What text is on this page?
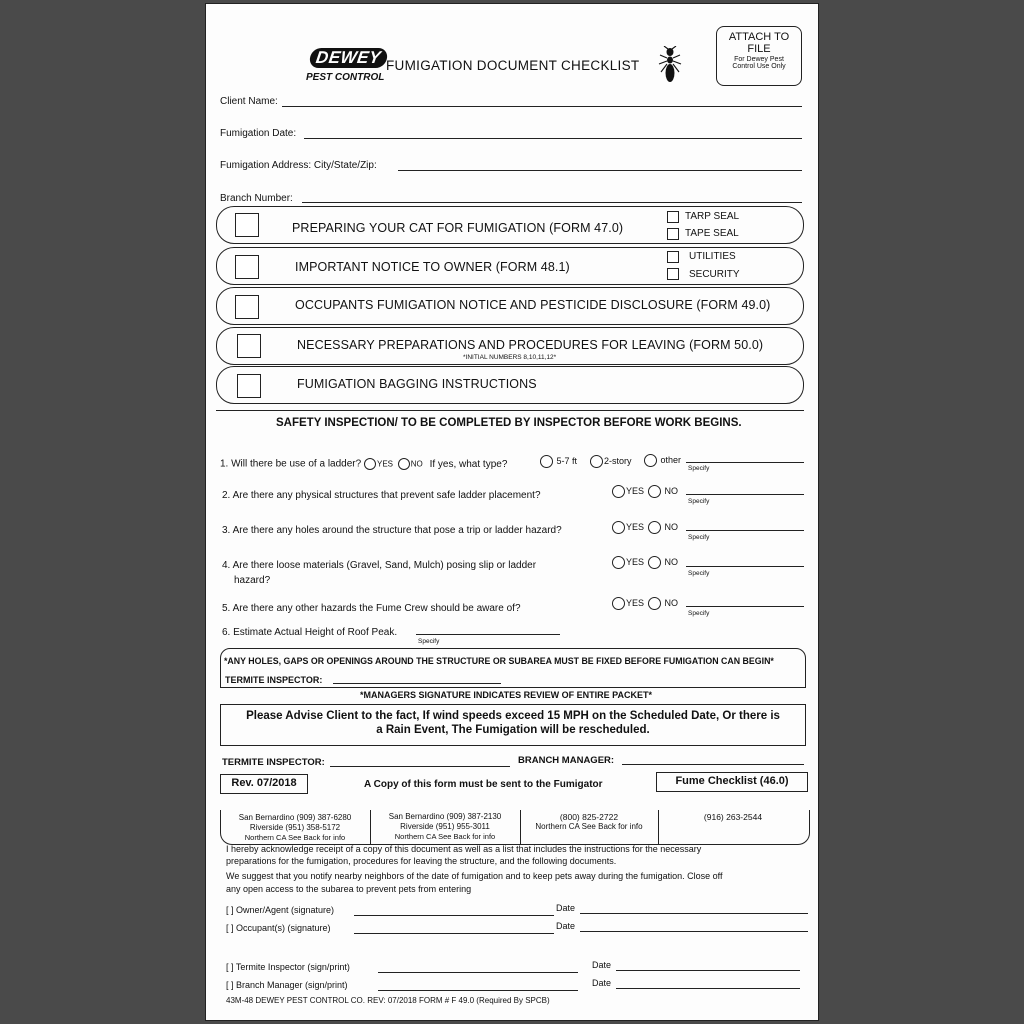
DEWEY
PEST CONTROL
FUMIGATION DOCUMENT CHECKLIST
ATTACH TO
FILE
For Dewey Pest
Control Use Only
Client Name:
Fumigation Date:
Fumigation Address: City/State/Zip:
Branch Number:
PREPARING YOUR CAT FOR FUMIGATION (FORM 47.0)
TARP SEAL
TAPE SEAL
IMPORTANT NOTICE TO OWNER (FORM 48.1)
UTILITIES
SECURITY
OCCUPANTS FUMIGATION NOTICE AND PESTICIDE DISCLOSURE (FORM 49.0)
NECESSARY PREPARATIONS AND PROCEDURES FOR LEAVING (FORM 50.0)
*INITIAL NUMBERS 8,10,11,12*
FUMIGATION BAGGING INSTRUCTIONS
SAFETY INSPECTION/ TO BE COMPLETED BY INSPECTOR BEFORE WORK BEGINS.
1. Will there be use of a ladder? YES NO If yes, what type?	5-7 ft	2-story	other
Specify
2. Are there any physical structures that prevent safe ladder placement?	YES	NO
Specify
3. Are there any holes around the structure that pose a trip or ladder hazard?	YES	NO
Specify
4. Are there loose materials (Gravel, Sand, Mulch) posing slip or ladder
hazard?
YES	NO
Specify
5. Are there any other hazards the Fume Crew should be aware of?
YES	NO
Specify
6. Estimate Actual Height of Roof Peak.
Specify
*ANY HOLES, GAPS OR OPENINGS AROUND THE STRUCTURE OR SUBAREA MUST BE FIXED BEFORE FUMIGATION CAN BEGIN*
TERMITE INSPECTOR:
*MANAGERS SIGNATURE INDICATES REVIEW OF ENTIRE PACKET*
Please Advise Client to the fact, If wind speeds exceed 15 MPH on the Scheduled Date, Or there is
a Rain Event, The Fumigation will be rescheduled.
TERMITE INSPECTOR:	BRANCH MANAGER:
Rev. 07/2018	A Copy of this form must be sent to the Fumigator	Fume Checklist (46.0)
San Bernardino (909) 387-6280
Riverside (951) 358-5172
Northern CA See Back for info
San Bernardino (909) 387-2130
Riverside (951) 955-3011
Northern CA See Back for info
(800) 825-2722
Northern CA See Back for info
(916) 263-2544
I hereby acknowledge receipt of a copy of this document as well as a list that includes the instructions for the necessary
preparations for the fumigation, procedures for leaving the structure, and the following documents.
We suggest that you notify nearby neighbors of the date of fumigation and to keep pets away during the fumigation. Close off
any open access to the subarea to prevent pets from entering
[ ] Owner/Agent (signature)	Date
[ ] Occupant(s) (signature)	Date
[ ] Termite Inspector (sign/print)	Date
[ ] Branch Manager (sign/print)	Date
43M-48 DEWEY PEST CONTROL CO. REV: 07/2018 FORM # F 49.0 (Required By SPCB)
